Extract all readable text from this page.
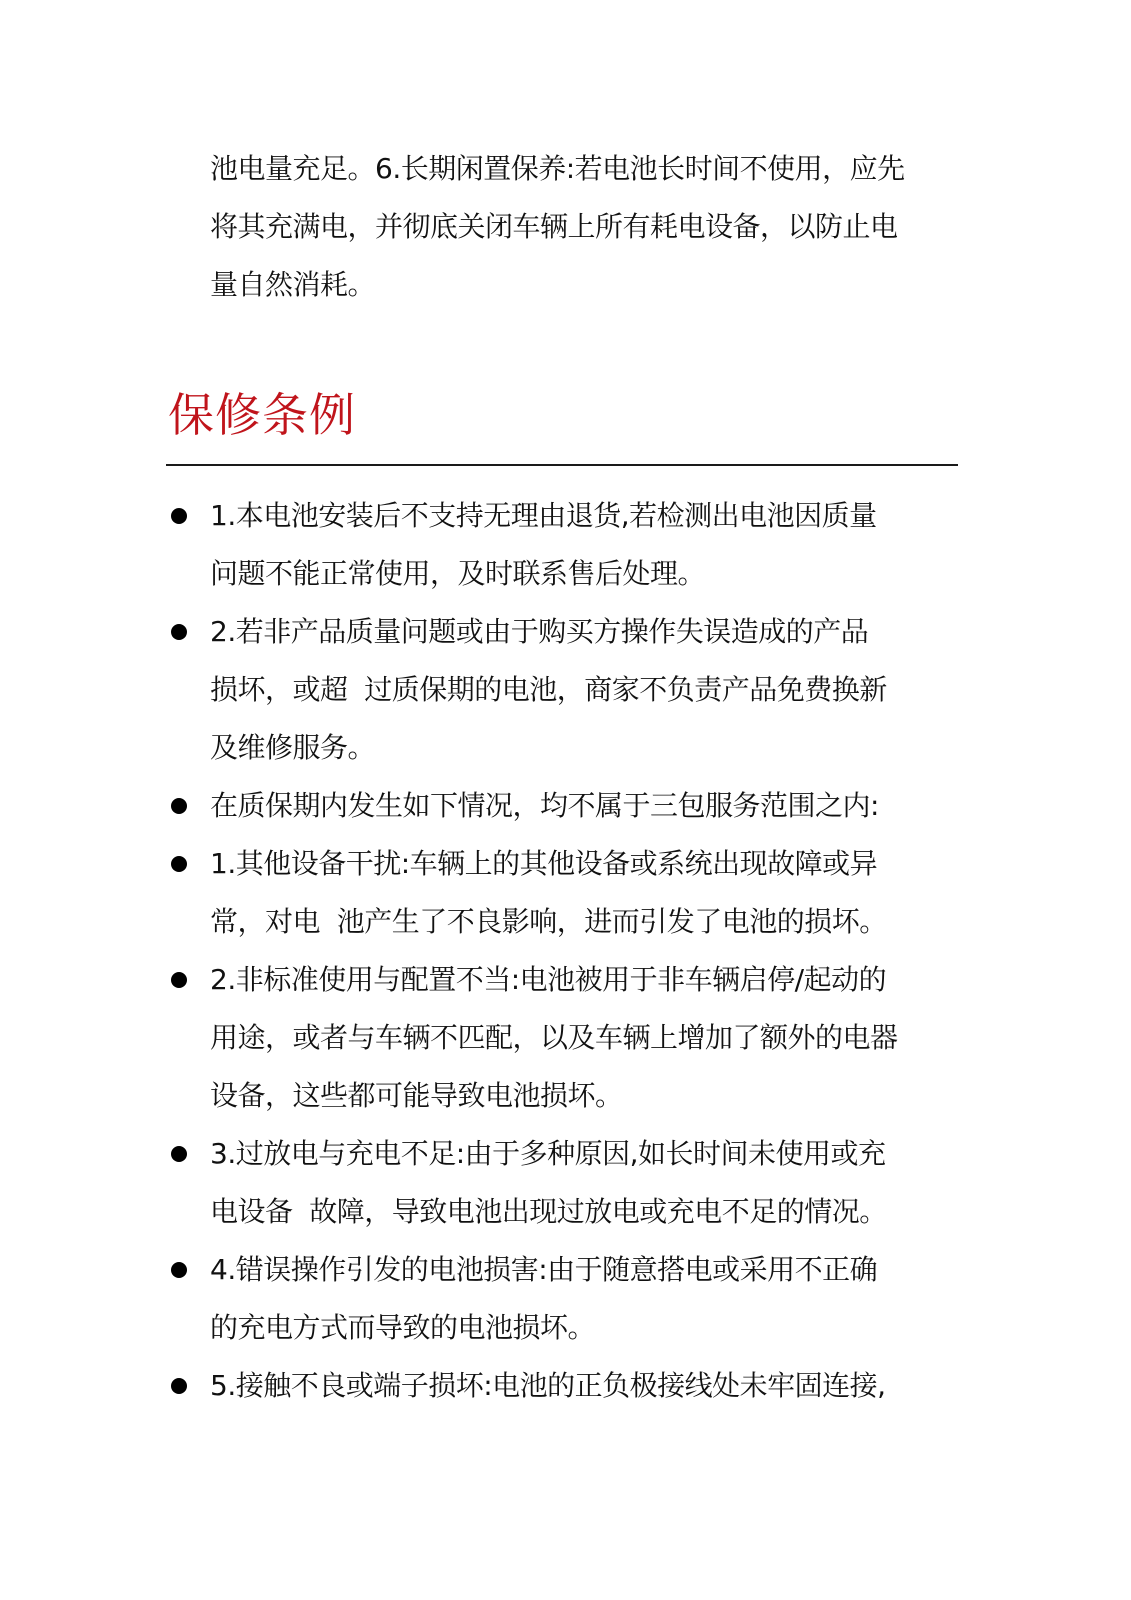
池电量充足。6.长期闲置保养:若电池长时间不使用，应先
将其充满电，并彻底关闭车辆上所有耗电设备，以防止电
量自然消耗。
保修条例
1.本电池安装后不支持无理由退货,若检测出电池因质量
问题不能正常使用，及时联系售后处理。
2.若非产品质量问题或由于购买方操作失误造成的产品
损坏，或超  过质保期的电池，商家不负责产品免费换新
及维修服务。
在质保期内发生如下情况，均不属于三包服务范围之内:
1.其他设备干扰:车辆上的其他设备或系统出现故障或异
常，对电  池产生了不良影响，进而引发了电池的损坏。
2.非标准使用与配置不当:电池被用于非车辆启停/起动的
用途，或者与车辆不匹配，以及车辆上增加了额外的电器
设备，这些都可能导致电池损坏。
3.过放电与充电不足:由于多种原因,如长时间未使用或充
电设备  故障，导致电池出现过放电或充电不足的情况。
4.错误操作引发的电池损害:由于随意搭电或采用不正确
的充电方式而导致的电池损坏。
5.接触不良或端子损坏:电池的正负极接线处未牢固连接,
